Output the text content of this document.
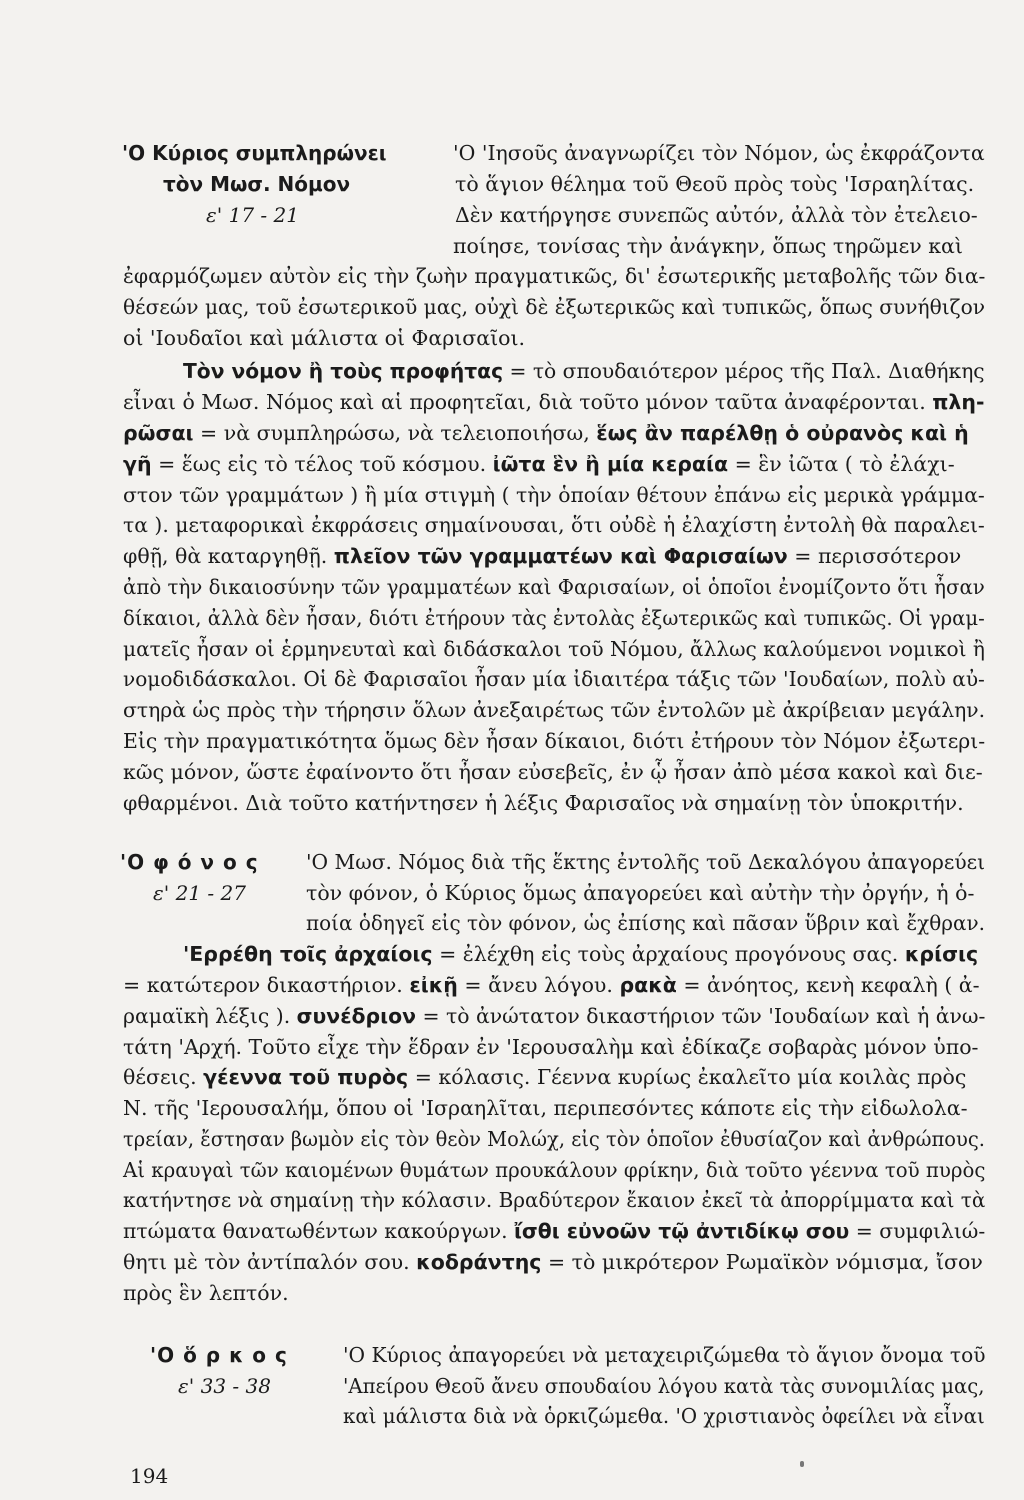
'Ο Κύριος συμπληρώνει
τὸν Μωσ. Νόμον
ε' 17 - 21
'Ο 'Ιησοῦς ἀναγνωρίζει τὸν Νόμον, ὡς ἐκφράζοντα
τὸ ἅγιον θέλημα τοῦ Θεοῦ πρὸς τοὺς 'Ισραηλίτας.
Δὲν κατήργησε συνεπῶς αὐτόν, ἀλλὰ τὸν ἐτελειο-
ποίησε, τονίσας τὴν ἀνάγκην, ὅπως τηρῶμεν καὶ
ἐφαρμόζωμεν αὐτὸν εἰς τὴν ζωὴν πραγματικῶς, δι' ἐσωτερικῆς μεταβολῆς τῶν δια-
θέσεών μας, τοῦ ἐσωτερικοῦ μας, οὐχὶ δὲ ἐξωτερικῶς καὶ τυπικῶς, ὅπως συνήθιζον
οἱ 'Ιουδαῖοι καὶ μάλιστα οἱ Φαρισαῖοι.
Τὸν νόμον ἢ τοὺς προφήτας = τὸ σπουδαιότερον μέρος τῆς Παλ. Διαθήκης
εἶναι ὁ Μωσ. Νόμος καὶ αἱ προφητεῖαι, διὰ τοῦτο μόνον ταῦτα ἀναφέρονται. πλη-
ρῶσαι = νὰ συμπληρώσω, νὰ τελειοποιήσω, ἕως ἂν παρέλθῃ ὁ οὐρανὸς καὶ ἡ
γῆ = ἕως εἰς τὸ τέλος τοῦ κόσμου. ἰῶτα ἓν ἢ μία κεραία = ἓν ἰῶτα ( τὸ ἐλάχι-
στον τῶν γραμμάτων ) ἢ μία στιγμὴ ( τὴν ὁποίαν θέτουν ἐπάνω εἰς μερικὰ γράμμα-
τα ). μεταφορικαὶ ἐκφράσεις σημαίνουσαι, ὅτι οὐδὲ ἡ ἐλαχίστη ἐντολὴ θὰ παραλει-
φθῇ, θὰ καταργηθῇ. πλεῖον τῶν γραμματέων καὶ Φαρισαίων = περισσότερον
ἀπὸ τὴν δικαιοσύνην τῶν γραμματέων καὶ Φαρισαίων, οἱ ὁποῖοι ἐνομίζοντο ὅτι ἦσαν
δίκαιοι, ἀλλὰ δὲν ἦσαν, διότι ἐτήρουν τὰς ἐντολὰς ἐξωτερικῶς καὶ τυπικῶς. Οἱ γραμ-
ματεῖς ἦσαν οἱ ἑρμηνευταὶ καὶ διδάσκαλοι τοῦ Νόμου, ἄλλως καλούμενοι νομικοὶ ἢ
νομοδιδάσκαλοι. Οἱ δὲ Φαρισαῖοι ἦσαν μία ἰδιαιτέρα τάξις τῶν 'Ιουδαίων, πολὺ αὐ-
στηρὰ ὡς πρὸς τὴν τήρησιν ὅλων ἀνεξαιρέτως τῶν ἐντολῶν μὲ ἀκρίβειαν μεγάλην.
Εἰς τὴν πραγματικότητα ὅμως δὲν ἦσαν δίκαιοι, διότι ἐτήρουν τὸν Νόμον ἐξωτερι-
κῶς μόνον, ὥστε ἐφαίνοντο ὅτι ἦσαν εὐσεβεῖς, ἐν ᾧ ἦσαν ἀπὸ μέσα κακοὶ καὶ διε-
φθαρμένοι. Διὰ τοῦτο κατήντησεν ἡ λέξις Φαρισαῖος νὰ σημαίνῃ τὸν ὑποκριτήν.
'Ο φ ό ν ο ς
ε' 21 - 27
'Ο Μωσ. Νόμος διὰ τῆς ἕκτης ἐντολῆς τοῦ Δεκαλόγου ἀπαγορεύει
τὸν φόνον, ὁ Κύριος ὅμως ἀπαγορεύει καὶ αὐτὴν τὴν ὀργήν, ἡ ὁ-
ποία ὁδηγεῖ εἰς τὸν φόνον, ὡς ἐπίσης καὶ πᾶσαν ὕβριν καὶ ἔχθραν.
'Ερρέθη τοῖς ἀρχαίοις = ἐλέχθη εἰς τοὺς ἀρχαίους προγόνους σας. κρίσις
= κατώτερον δικαστήριον. εἰκῇ = ἄνευ λόγου. ρακὰ = ἀνόητος, κενὴ κεφαλὴ ( ἀ-
ραμαϊκὴ λέξις ). συνέδριον = τὸ ἀνώτατον δικαστήριον τῶν 'Ιουδαίων καὶ ἡ ἀνω-
τάτη 'Αρχή. Τοῦτο εἶχε τὴν ἕδραν ἐν 'Ιερουσαλὴμ καὶ ἐδίκαζε σοβαρὰς μόνον ὑπο-
θέσεις. γέεννα τοῦ πυρὸς = κόλασις. Γέεννα κυρίως ἐκαλεῖτο μία κοιλὰς πρὸς
Ν. τῆς 'Ιερουσαλήμ, ὅπου οἱ 'Ισραηλῖται, περιπεσόντες κάποτε εἰς τὴν εἰδωλολα-
τρείαν, ἔστησαν βωμὸν εἰς τὸν θεὸν Μολώχ, εἰς τὸν ὁποῖον ἐθυσίαζον καὶ ἀνθρώπους.
Αἱ κραυγαὶ τῶν καιομένων θυμάτων προυκάλουν φρίκην, διὰ τοῦτο γέεννα τοῦ πυρὸς
κατήντησε νὰ σημαίνῃ τὴν κόλασιν. Βραδύτερον ἔκαιον ἐκεῖ τὰ ἀπορρίμματα καὶ τὰ
πτώματα θανατωθέντων κακούργων. ἴσθι εὐνοῶν τῷ ἀντιδίκῳ σου = συμφιλιώ-
θητι μὲ τὸν ἀντίπαλόν σου. κοδράντης = τὸ μικρότερον Ρωμαϊκὸν νόμισμα, ἴσον
πρὸς ἓν λεπτόν.
'Ο ὅ ρ κ ο ς
ε' 33 - 38
'Ο Κύριος ἀπαγορεύει νὰ μεταχειριζώμεθα τὸ ἅγιον ὄνομα τοῦ
'Απείρου Θεοῦ ἄνευ σπουδαίου λόγου κατὰ τὰς συνομιλίας μας,
καὶ μάλιστα διὰ νὰ ὁρκιζώμεθα. 'Ο χριστιανὸς ὀφείλει νὰ εἶναι
194
